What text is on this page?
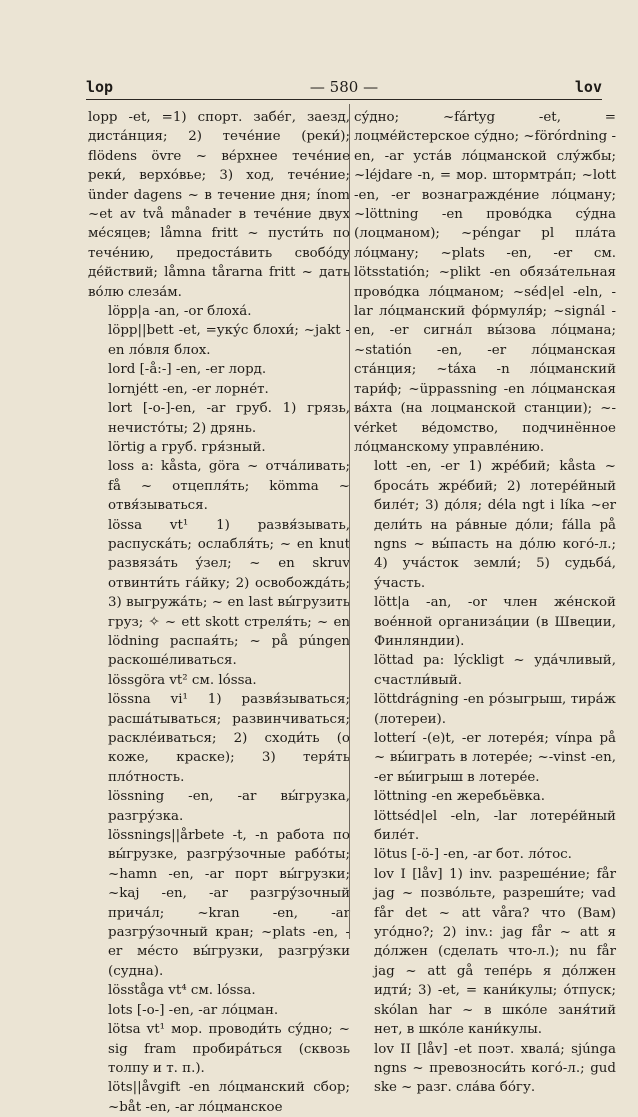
lop	— 580 —	lov

lopp -et, =1) спорт. забе́г, заезд, диста́нция; 2) тече́ние (реки́); flödens övre ~ ве́рхнее тече́ние реки́, верхо́вье; 3) ход, тече́ние; ünder dagens ~ в течение дня; ínom ~et av två månader в тече́ние двух ме́сяцев; låmna fritt ~ пусти́ть по тече́нию, предоста́вить свобо́ду де́йствий; låmna tårarna fritt ~ дать во́лю слеза́м.

löpp|a -an, -or блоха́.

löpp||bett -et, =уку́с блохи́; ~jakt -en ло́вля блох.

lord [-å:-] -en, -er лорд.

lornjétt -en, -er лорне́т.

lort [-o-]-en, -ar груб. 1) грязь, нечисто́ты; 2) дрянь.

lörtig a груб. гря́зный.

loss a: kåsta, göra ~ отча́ливать; få ~ отцепля́ть; kömma ~ отвя́зываться.

lössa vt¹ 1) развя́зывать, распуска́ть; ослабля́ть; ~ en knut развяза́ть у́зел; ~ en skruv отвинти́ть га́йку; 2) освобожда́ть; 3) выгружа́ть; ~ en last вы́грузить груз; ✧ ~ ett skott стреля́ть; ~ en lödning распая́ть; ~ på púngen раскоше́ливаться.

lössgöra vt² см. lóssa.

lössna vi¹ 1) развя́зываться; расша́тываться; развинчиваться; раскле́иваться; 2) сходи́ть (о коже, краске); 3) теря́ть пло́тность.

lössning -en, -ar вы́грузка, разгру́зка.

lössnings||årbete -t, -n работа по вы́грузке, разгру́зочные рабо́ты; ~hamn -en, -ar порт вы́грузки; ~kaj -en, -ar разгру́зочный прича́л; ~kran -en, -ar разгру́зочный кран; ~plats -en, -er ме́сто вы́грузки, разгру́зки (судна).

lösståga vt⁴ см. lóssa.

lots [-o-] -en, -ar ло́цман.

lötsa vt¹ мор. проводи́ть су́дно; ~ sig fram пробира́ться (сквозь толпу и т. п.).

löts||åvgift -en ло́цманский сбор; ~båt -en, -ar ло́цманское

су́дно; ~fártyg -et, = лоцме́йстерское су́дно; ~förórdning -en, -ar уста́в ло́цманской слу́жбы; ~léjdare -n, = мор. штормтра́п; ~lott -en, -er вознагражде́ние ло́цману; ~löttning -en прово́дка су́дна (лоцманом); ~péngar pl пла́та ло́цману; ~plats -en, -er см. lötsstatión; ~plikt -en обяза́тельная прово́дка ло́цманом; ~séd|el -eln, -lar ло́цманский фо́рмуля́р; ~signál -en, -er сигна́л вы́зова ло́цмана; ~statión -en, -er ло́цманская ста́нция; ~táxa -n ло́цманский тари́ф; ~üppassning -en ло́цманская ва́хта (на лоцманской станции); ~-vérket ве́домство, подчинённое ло́цманскому управле́нию.

lott -en, -er 1) жре́бий; kåsta ~ броса́ть жре́бий; 2) лотере́йный биле́т; 3) до́ля; déla ngt i líka ~er дели́ть на ра́вные до́ли; fálla på ngns ~ вы́пасть на до́лю кого́-л.; 4) уча́сток земли́; 5) судьба́, у́часть.

lött|a -an, -or член же́нской вое́нной организа́ции (в Швеции, Финляндии).

löttad pa: lýckligt ~ уда́чливый, счастли́вый.

löttdrágning -en ро́зыгрыш, тира́ж (лотереи).

lotterí -(e)t, -er лотере́я; vínpa på ~ вы́играть в лотере́е; ~-vinst -en, -er вы́игрыш в лотере́е.

löttning -en жеребьёвка.

löttséd|el -eln, -lar лотере́йный биле́т.

lötus [-ö-] -en, -ar бот. ло́тос.

lov I [låv] 1) inv. разреше́ние; får jag ~ позво́льте, разреши́те; vad får det ~ att våra? что (Вам) уго́дно?; 2) inv.: jag får ~ att я до́лжен (сделать что-л.); nu får jag ~ att gå тепе́рь я до́лжен идти́; 3) -et, = кани́кулы; о́тпуск; skólan har ~ в шко́ле заня́тий нет, в шко́ле кани́кулы.

lov II [låv] -et поэт. хвала́; sjúnga ngns ~ превозноси́ть кого́-л.; gud ske ~ разг. сла́ва бо́гу.
